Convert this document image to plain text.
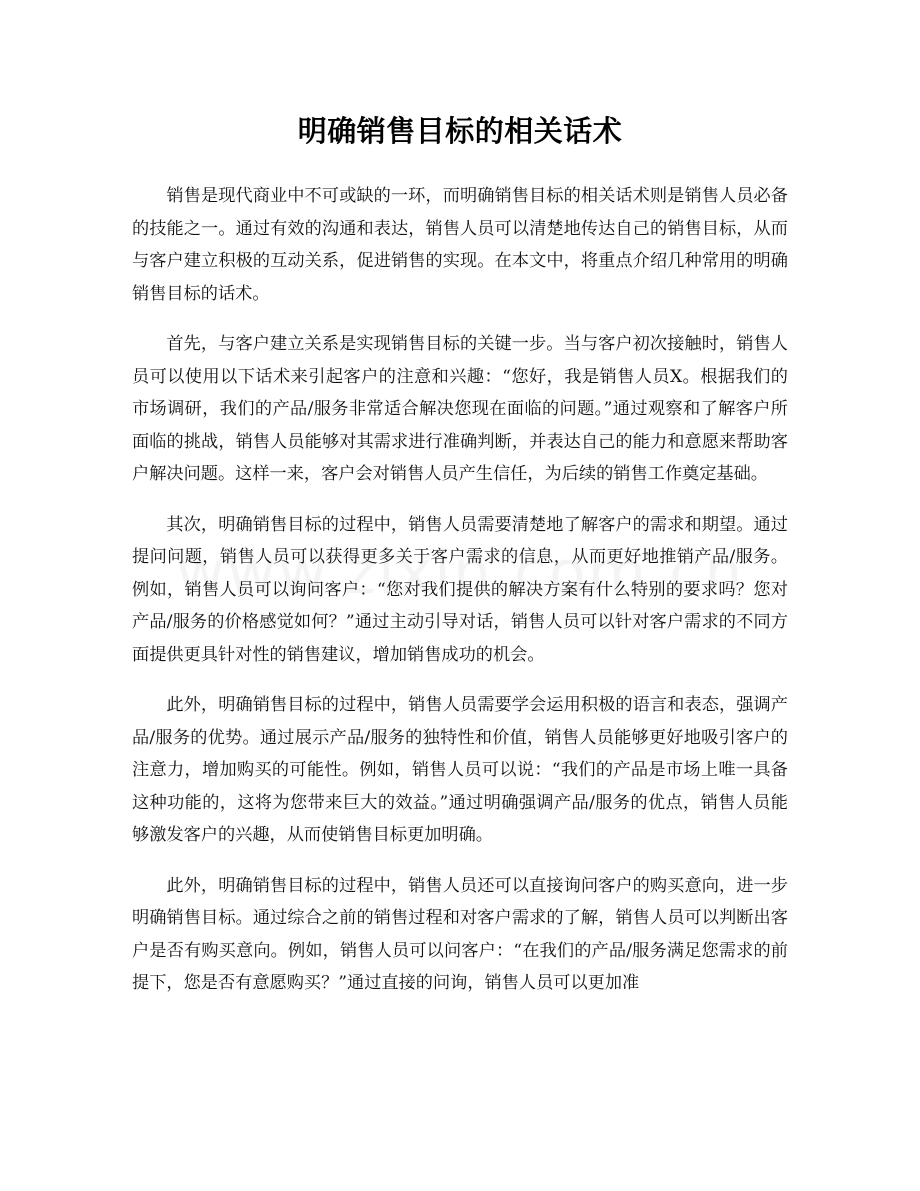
明确销售目标的相关话术

销售是现代商业中不可或缺的一环，而明确销售目标的相关话术则是销售人员必备的技能之一。通过有效的沟通和表达，销售人员可以清楚地传达自己的销售目标，从而与客户建立积极的互动关系，促进销售的实现。在本文中，将重点介绍几种常用的明确销售目标的话术。

首先，与客户建立关系是实现销售目标的关键一步。当与客户初次接触时，销售人员可以使用以下话术来引起客户的注意和兴趣：“您好，我是销售人员X。根据我们的市场调研，我们的产品/服务非常适合解决您现在面临的问题。”通过观察和了解客户所面临的挑战，销售人员能够对其需求进行准确判断，并表达自己的能力和意愿来帮助客户解决问题。这样一来，客户会对销售人员产生信任，为后续的销售工作奠定基础。

其次，明确销售目标的过程中，销售人员需要清楚地了解客户的需求和期望。通过提问问题，销售人员可以获得更多关于客户需求的信息，从而更好地推销产品/服务。例如，销售人员可以询问客户：“您对我们提供的解决方案有什么特别的要求吗？您对产品/服务的价格感觉如何？”通过主动引导对话，销售人员可以针对客户需求的不同方面提供更具针对性的销售建议，增加销售成功的机会。

此外，明确销售目标的过程中，销售人员需要学会运用积极的语言和表态，强调产品/服务的优势。通过展示产品/服务的独特性和价值，销售人员能够更好地吸引客户的注意力，增加购买的可能性。例如，销售人员可以说：“我们的产品是市场上唯一具备这种功能的，这将为您带来巨大的效益。”通过明确强调产品/服务的优点，销售人员能够激发客户的兴趣，从而使销售目标更加明确。

此外，明确销售目标的过程中，销售人员还可以直接询问客户的购买意向，进一步明确销售目标。通过综合之前的销售过程和对客户需求的了解，销售人员可以判断出客户是否有购买意向。例如，销售人员可以问客户：“在我们的产品/服务满足您需求的前提下，您是否有意愿购买？”通过直接的问询，销售人员可以更加准
